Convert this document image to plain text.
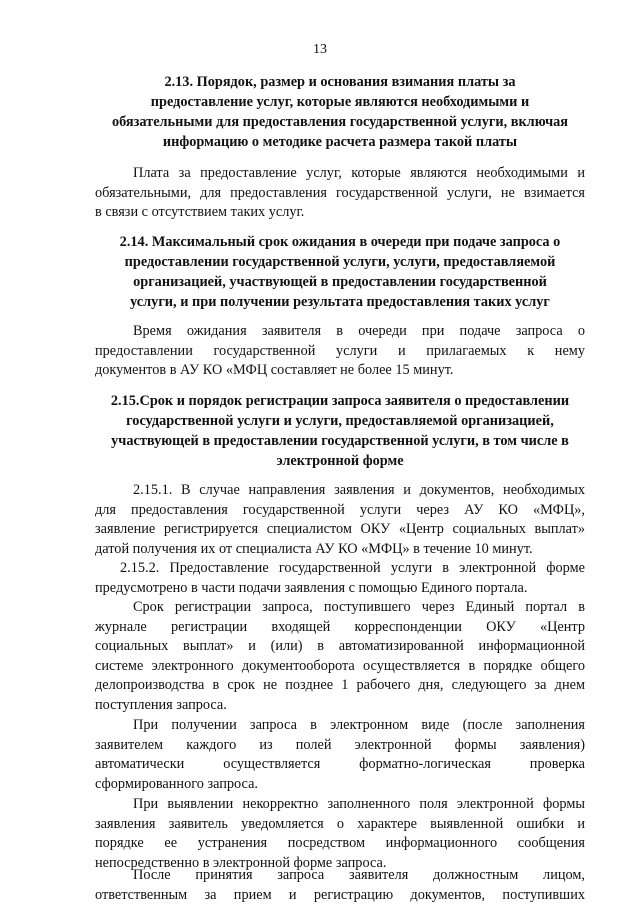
13
2.13. Порядок, размер и основания взимания платы за
предоставление услуг, которые являются необходимыми и
обязательными для предоставления государственной услуги, включая
информацию о методике расчета размера такой платы
Плата за предоставление услуг, которые являются необходимыми и
обязательными, для предоставления государственной услуги, не взимается
в связи с отсутствием таких услуг.
2.14. Максимальный срок ожидания в очереди при подаче запроса о
предоставлении государственной услуги, услуги, предоставляемой
организацией, участвующей в предоставлении государственной
услуги, и при получении результата предоставления таких услуг
Время ожидания заявителя в очереди при подаче запроса о
предоставлении государственной услуги и прилагаемых к нему
документов в АУ КО «МФЦ составляет не более 15 минут.
2.15.Срок и порядок регистрации запроса заявителя о предоставлении
государственной услуги и услуги, предоставляемой организацией,
участвующей в предоставлении государственной услуги, в том числе в
электронной форме
2.15.1. В случае направления заявления и документов, необходимых
для предоставления государственной услуги через АУ КО «МФЦ»,
заявление регистрируется специалистом ОКУ «Центр социальных выплат»
датой получения их от специалиста АУ КО «МФЦ» в течение 10 минут.
2.15.2. Предоставление государственной услуги в электронной форме
предусмотрено в части подачи заявления с помощью Единого портала.
Срок регистрации запроса, поступившего через Единый портал в
журнале регистрации входящей корреспонденции ОКУ «Центр
социальных выплат» и (или) в автоматизированной информационной
системе электронного документооборота осуществляется в порядке общего
делопроизводства в срок не позднее 1 рабочего дня, следующего за днем
поступления запроса.
При получении запроса в электронном виде (после заполнения
заявителем каждого из полей электронной формы заявления)
автоматически осуществляется форматно-логическая проверка
сформированного запроса.
При выявлении некорректно заполненного поля электронной формы
заявления заявитель уведомляется о характере выявленной ошибки и
порядке ее устранения посредством информационного сообщения
непосредственно в электронной форме запроса.
После принятия запроса заявителя должностным лицом,
ответственным за прием и регистрацию документов, поступивших
